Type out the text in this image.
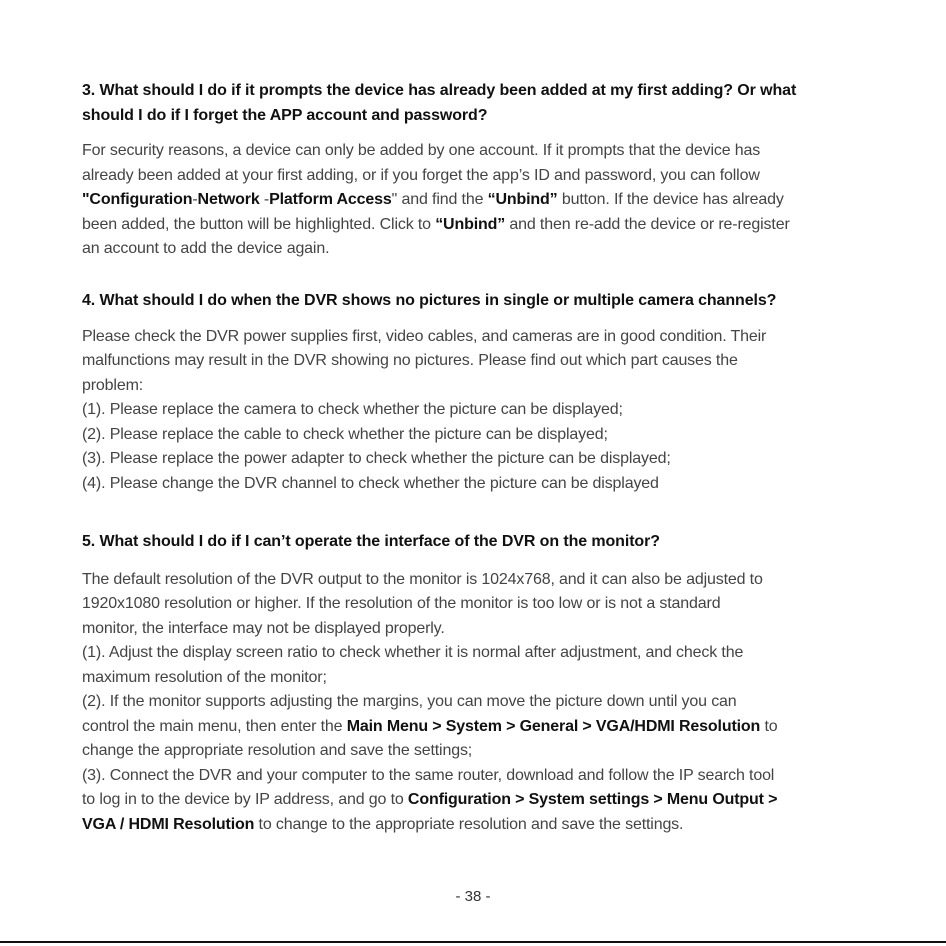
3. What should I do if it prompts the device has already been added at my first adding? Or what
should I do if I forget the APP account and password?

For security reasons, a device can only be added by one account. If it prompts that the device has
already been added at your first adding, or if you forget the app’s ID and password, you can follow
"Configuration-Network -Platform Access" and find the “Unbind” button. If the device has already
been added, the button will be highlighted. Click to “Unbind” and then re-add the device or re-register
an account to add the device again.

4. What should I do when the DVR shows no pictures in single or multiple camera channels?

Please check the DVR power supplies first, video cables, and cameras are in good condition. Their
malfunctions may result in the DVR showing no pictures. Please find out which part causes the
problem:
(1). Please replace the camera to check whether the picture can be displayed;
(2). Please replace the cable to check whether the picture can be displayed;
(3). Please replace the power adapter to check whether the picture can be displayed;
(4). Please change the DVR channel to check whether the picture can be displayed

5. What should I do if I can’t operate the interface of the DVR on the monitor?

The default resolution of the DVR output to the monitor is 1024x768, and it can also be adjusted to
1920x1080 resolution or higher. If the resolution of the monitor is too low or is not a standard
monitor, the interface may not be displayed properly.
(1). Adjust the display screen ratio to check whether it is normal after adjustment, and check the
maximum resolution of the monitor;
(2). If the monitor supports adjusting the margins, you can move the picture down until you can
control the main menu, then enter the Main Menu > System > General > VGA/HDMI Resolution to
change the appropriate resolution and save the settings;
(3). Connect the DVR and your computer to the same router, download and follow the IP search tool
to log in to the device by IP address, and go to Configuration > System settings > Menu Output >
VGA / HDMI Resolution to change to the appropriate resolution and save the settings.

- 38 -
